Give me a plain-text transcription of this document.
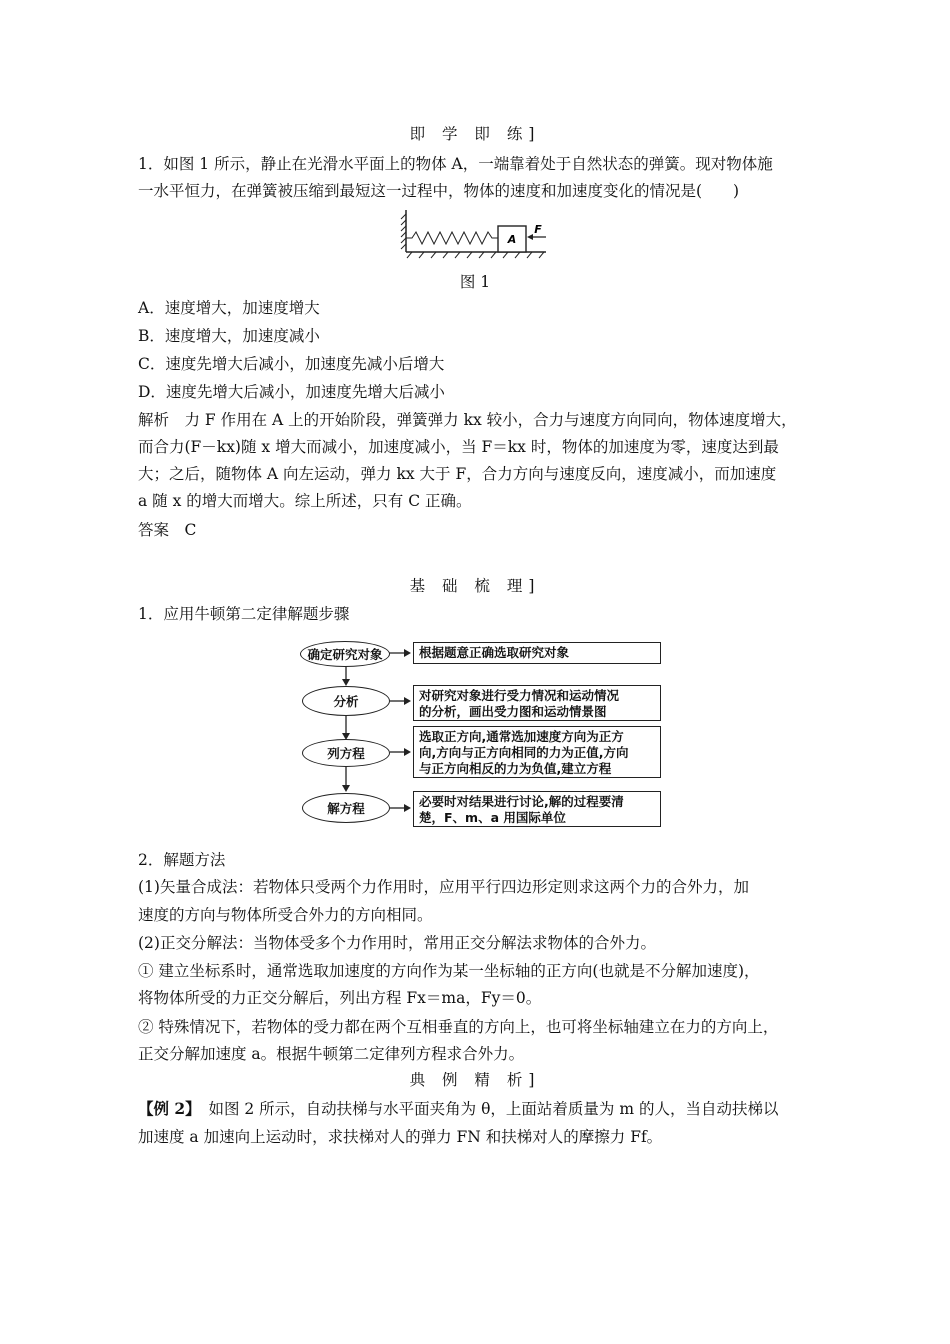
即 学 即 练]
1．如图 1 所示，静止在光滑水平面上的物体 A，一端靠着处于自然状态的弹簧。现对物体施
一水平恒力，在弹簧被压缩到最短这一过程中，物体的速度和加速度变化的情况是(　　)
A
F
图 1
A．速度增大，加速度增大
B．速度增大，加速度减小
C．速度先增大后减小，加速度先减小后增大
D．速度先增大后减小，加速度先增大后减小
解析　力 F 作用在 A 上的开始阶段，弹簧弹力 kx 较小，合力与速度方向同向，物体速度增大，
而合力(F－kx)随 x 增大而减小，加速度减小，当 F＝kx 时，物体的加速度为零，速度达到最
大；之后，随物体 A 向左运动，弹力 kx 大于 F，合力方向与速度反向，速度减小，而加速度
a 随 x 的增大而增大。综上所述，只有 C 正确。
答案　C
基 础 梳 理]
1．应用牛顿第二定律解题步骤
确定研究对象
分析
列方程
解方程
根据题意正确选取研究对象
对研究对象进行受力情况和运动情况
的分析，画出受力图和运动情景图
选取正方向,通常选加速度方向为正方
向,方向与正方向相同的力为正值,方向
与正方向相反的力为负值,建立方程
必要时对结果进行讨论,解的过程要清
楚，F、m、a 用国际单位
2．解题方法
(1)矢量合成法：若物体只受两个力作用时，应用平行四边形定则求这两个力的合外力，加
速度的方向与物体所受合外力的方向相同。
(2)正交分解法：当物体受多个力作用时，常用正交分解法求物体的合外力。
① 建立坐标系时，通常选取加速度的方向作为某一坐标轴的正方向(也就是不分解加速度)，
将物体所受的力正交分解后，列出方程 Fx＝ma，Fy＝0。
② 特殊情况下，若物体的受力都在两个互相垂直的方向上，也可将坐标轴建立在力的方向上，
正交分解加速度 a。根据牛顿第二定律列方程求合外力。
典 例 精 析]
【例 2】　如图 2 所示，自动扶梯与水平面夹角为 θ，上面站着质量为 m 的人，当自动扶梯以
加速度 a 加速向上运动时，求扶梯对人的弹力 FN 和扶梯对人的摩擦力 Ff。
